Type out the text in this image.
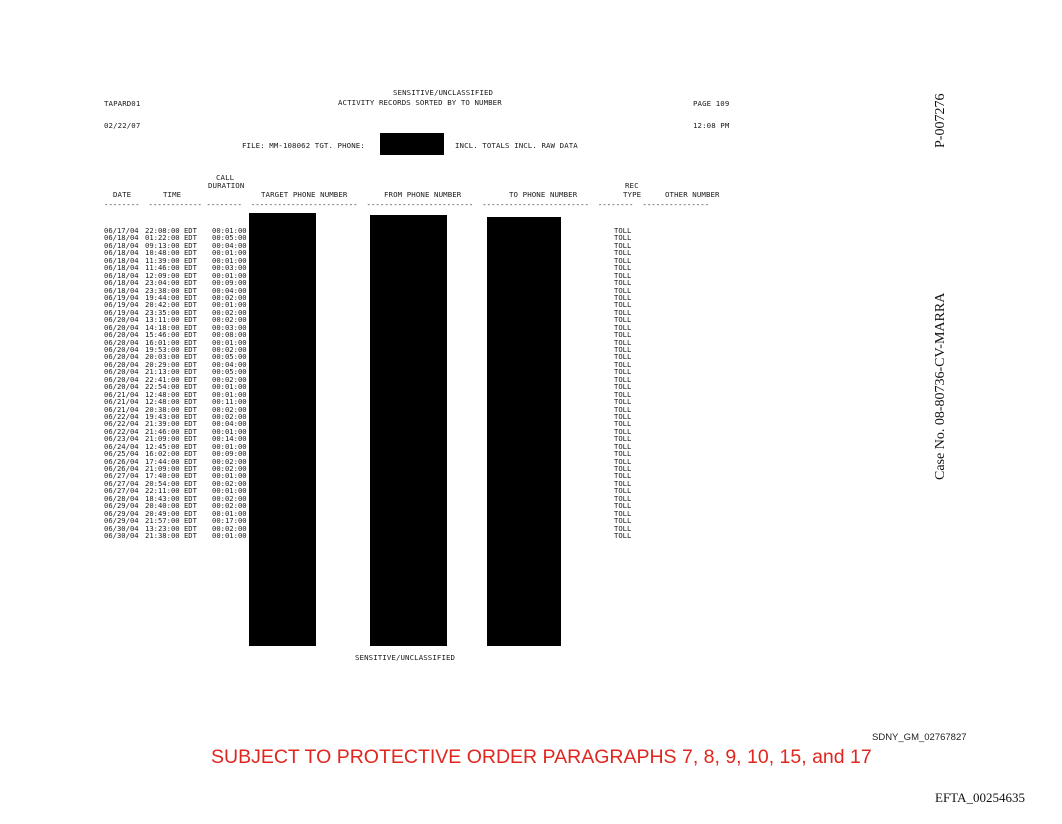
SENSITIVE/UNCLASSIFIED
ACTIVITY RECORDS SORTED BY TO NUMBER
TAPARD01
02/22/07
PAGE 109
12:08 PM
FILE: MM-108062 TGT. PHONE:	INCL. TOTALS INCL. RAW DATA
CALL
DURATION
DATE	TIME	TARGET PHONE NUMBER	FROM PHONE NUMBER	TO PHONE NUMBER
REC
TYPE	OTHER NUMBER
--------  ------------ --------  ------------------------  ------------------------  ------------------------  --------  ---------------
06/17/04 22:08:00 EDT 00:01:00	TOLL
06/18/04 01:22:00 EDT 00:05:00	TOLL
06/18/04 09:13:00 EDT 00:04:00	TOLL
06/18/04 10:48:00 EDT 00:01:00	TOLL
06/18/04 11:39:00 EDT 00:01:00	TOLL
06/18/04 11:46:00 EDT 00:03:00	TOLL
06/18/04 12:09:00 EDT 00:01:00	TOLL
06/18/04 23:04:00 EDT 00:09:00	TOLL
06/18/04 23:38:00 EDT 00:04:00	TOLL
06/19/04 19:44:00 EDT 00:02:00	TOLL
06/19/04 20:42:00 EDT 00:01:00	TOLL
06/19/04 23:35:00 EDT 00:02:00	TOLL
06/20/04 13:11:00 EDT 00:02:00	TOLL
06/20/04 14:18:00 EDT 00:03:00	TOLL
06/20/04 15:46:00 EDT 00:08:00	TOLL
06/20/04 16:01:00 EDT 00:01:00	TOLL
06/20/04 19:53:00 EDT 00:02:00	TOLL
06/20/04 20:03:00 EDT 00:05:00	TOLL
06/20/04 20:29:00 EDT 00:04:00	TOLL
06/20/04 21:13:00 EDT 00:05:00	TOLL
06/20/04 22:41:00 EDT 00:02:00	TOLL
06/20/04 22:54:00 EDT 00:01:00	TOLL
06/21/04 12:48:00 EDT 00:01:00	TOLL
06/21/04 12:48:00 EDT 00:11:00	TOLL
06/21/04 20:38:00 EDT 00:02:00	TOLL
06/22/04 19:43:00 EDT 00:02:00	TOLL
06/22/04 21:39:00 EDT 00:04:00	TOLL
06/22/04 21:46:00 EDT 00:01:00	TOLL
06/23/04 21:09:00 EDT 00:14:00	TOLL
06/24/04 12:45:00 EDT 00:01:00	TOLL
06/25/04 16:02:00 EDT 00:09:00	TOLL
06/26/04 17:44:00 EDT 00:02:00	TOLL
06/26/04 21:09:00 EDT 00:02:00	TOLL
06/27/04 17:40:00 EDT 00:01:00	TOLL
06/27/04 20:54:00 EDT 00:02:00	TOLL
06/27/04 22:11:00 EDT 00:01:00	TOLL
06/28/04 18:43:00 EDT 00:02:00	TOLL
06/29/04 20:40:00 EDT 00:02:00	TOLL
06/29/04 20:49:00 EDT 00:01:00	TOLL
06/29/04 21:57:00 EDT 00:17:00	TOLL
06/30/04 13:23:00 EDT 00:02:00	TOLL
06/30/04 21:38:00 EDT 00:01:00	TOLL
SENSITIVE/UNCLASSIFIED
SDNY_GM_02767827
SUBJECT TO PROTECTIVE ORDER PARAGRAPHS 7, 8, 9, 10, 15, and 17
EFTA_00254635
P-007276
Case No. 08-80736-CV-MARRA
